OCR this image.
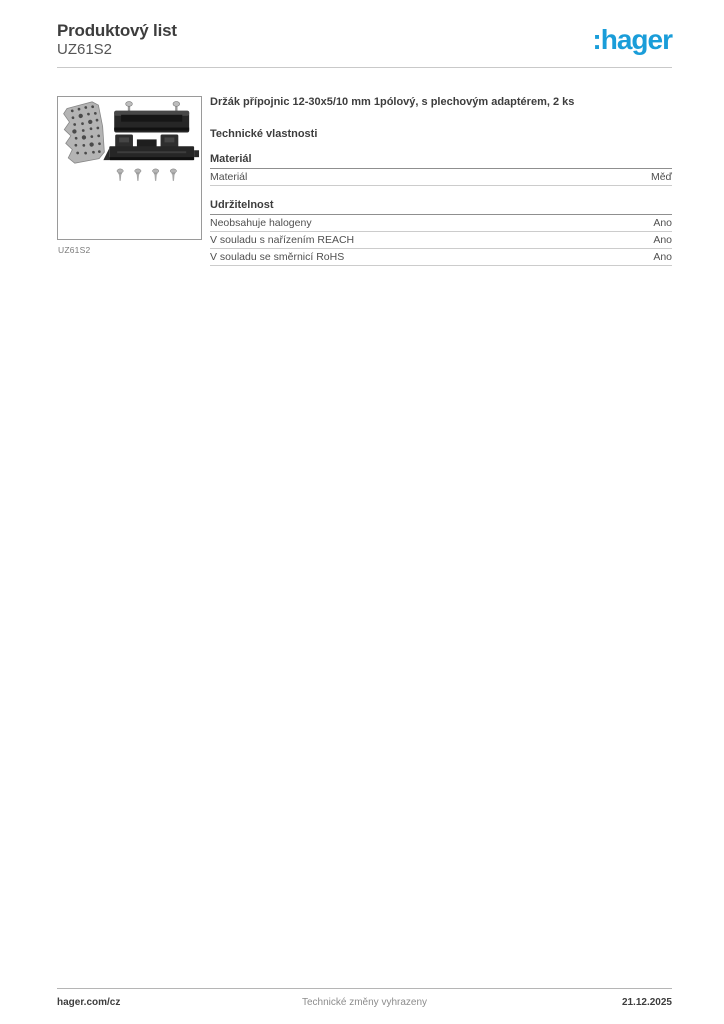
Produktový list
UZ61S2	:hager
UZ61S2
Držák přípojnic 12-30x5/10 mm 1pólový, s plechovým adaptérem, 2 ks
Technické vlastnosti
Materiál
Materiál	Měď
Udržitelnost
Neobsahuje halogeny	Ano
V souladu s nařízením REACH	Ano
V souladu se směrnicí RoHS	Ano
hager.com/cz	Technické změny vyhrazeny	21.12.2025
